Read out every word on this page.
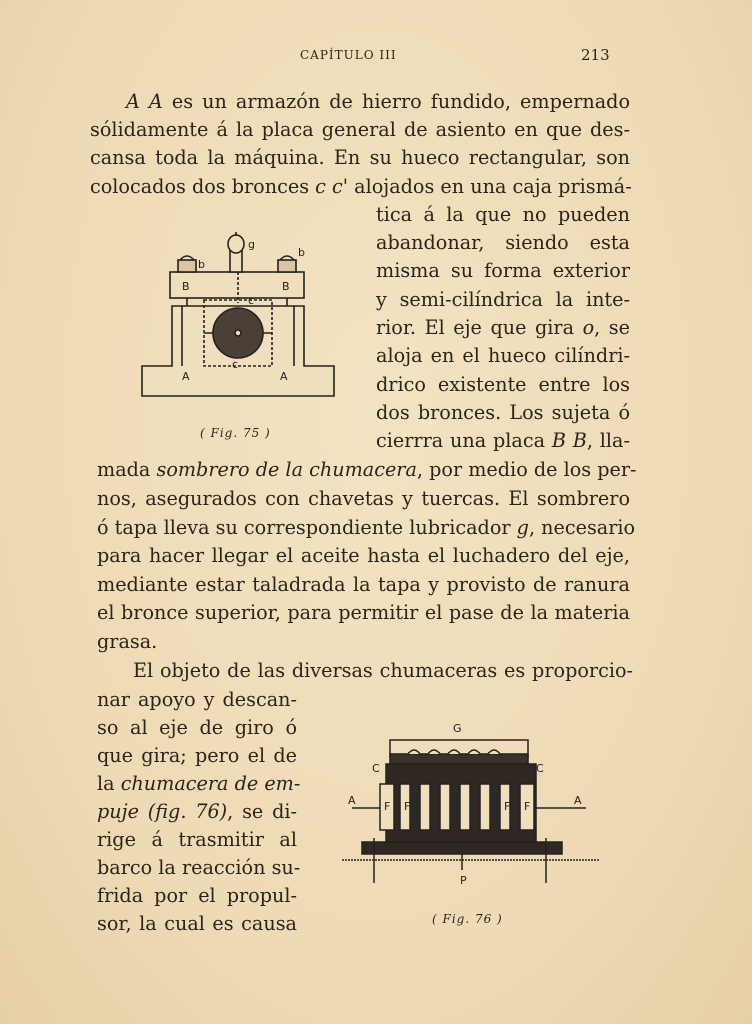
CAPÍTULO III	213
A A es un armazón de hierro fundido, empernado
sólidamente á la placa general de asiento en que des-
cansa toda la máquina. En su hueco rectangular, son
colocados dos bronces c c' alojados en una caja prismá-
tica á la que no pueden
abandonar, siendo esta
misma su forma exterior
y semi-cilíndrica la inte-
rior. El eje que gira o, se
aloja en el hueco cilíndri-
drico existente entre los
dos bronces. Los sujeta ó
cierrra una placa B B, lla-
mada sombrero de la chumacera, por medio de los per-
nos, asegurados con chavetas y tuercas. El sombrero
ó tapa lleva su correspondiente lubricador g, necesario
para hacer llegar el aceite hasta el luchadero del eje,
mediante estar taladrada la tapa y provisto de ranura
el bronce superior, para permitir el pase de la materia
grasa.
El objeto de las diversas chumaceras es proporcio-
nar apoyo y descan-
so al eje de giro ó
que gira; pero el de
la chumacera de em-
puje (fig. 76), se di-
rige á trasmitir al
barco la reacción su-
frida por el propul-
sor, la cual es causa
g
b
b
B	B
c
c
A	A
( Fig. 75 )
G
C	C
A	A
F F	F F
P
( Fig. 76 )
